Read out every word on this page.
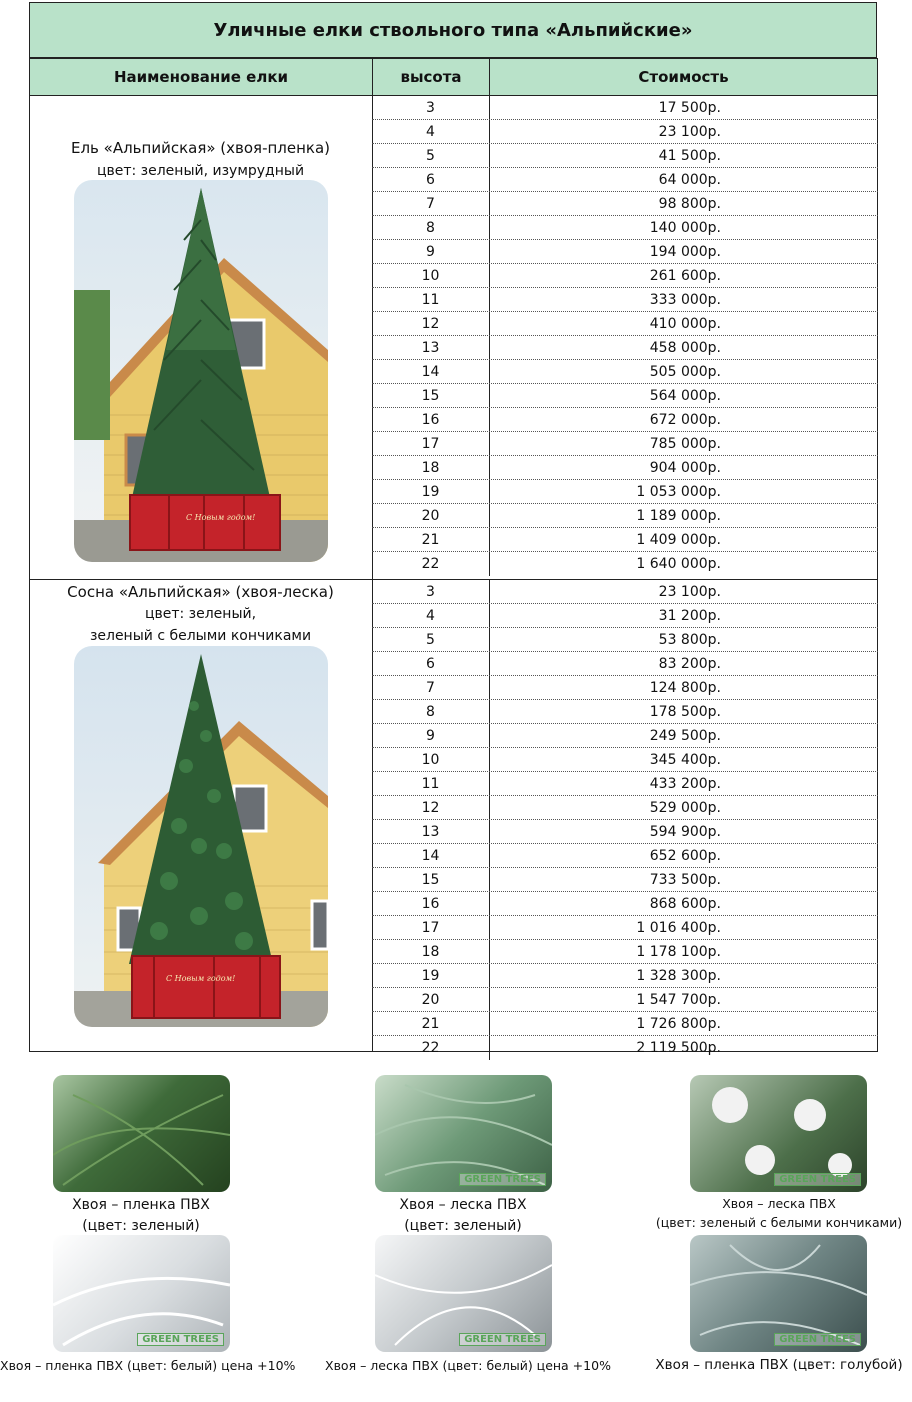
Уличные елки ствольного типа «Альпийские»
Наименование елки	высота	Стоимость
Ель «Альпийская» (хвоя-пленка)
цвет: зеленый, изумрудный
С Новым годом!
3	17 500р.
4	23 100р.
5	41 500р.
6	64 000р.
7	98 800р.
8	140 000р.
9	194 000р.
10	261 600р.
11	333 000р.
12	410 000р.
13	458 000р.
14	505 000р.
15	564 000р.
16	672 000р.
17	785 000р.
18	904 000р.
19	1 053 000р.
20	1 189 000р.
21	1 409 000р.
22	1 640 000р.
Сосна «Альпийская» (хвоя-леска)
цвет: зеленый,
зеленый с белыми кончиками
С Новым годом!
3	23 100р.
4	31 200р.
5	53 800р.
6	83 200р.
7	124 800р.
8	178 500р.
9	249 500р.
10	345 400р.
11	433 200р.
12	529 000р.
13	594 900р.
14	652 600р.
15	733 500р.
16	868 600р.
17	1 016 400р.
18	1 178 100р.
19	1 328 300р.
20	1 547 700р.
21	1 726 800р.
22	2 119 500р.
GREEN TREES	GREEN TREES
GREEN TREES	GREEN TREES	GREEN TREES
Хвоя – пленка ПВХ
(цвет: зеленый)
Хвоя – леска ПВХ
(цвет: зеленый)
Хвоя – леска ПВХ
(цвет: зеленый с белыми кончиками)
Хвоя – пленка ПВХ (цвет: белый) цена +10% Хвоя – леска ПВХ (цвет: белый) цена +10%	Хвоя – пленка ПВХ (цвет: голубой)
